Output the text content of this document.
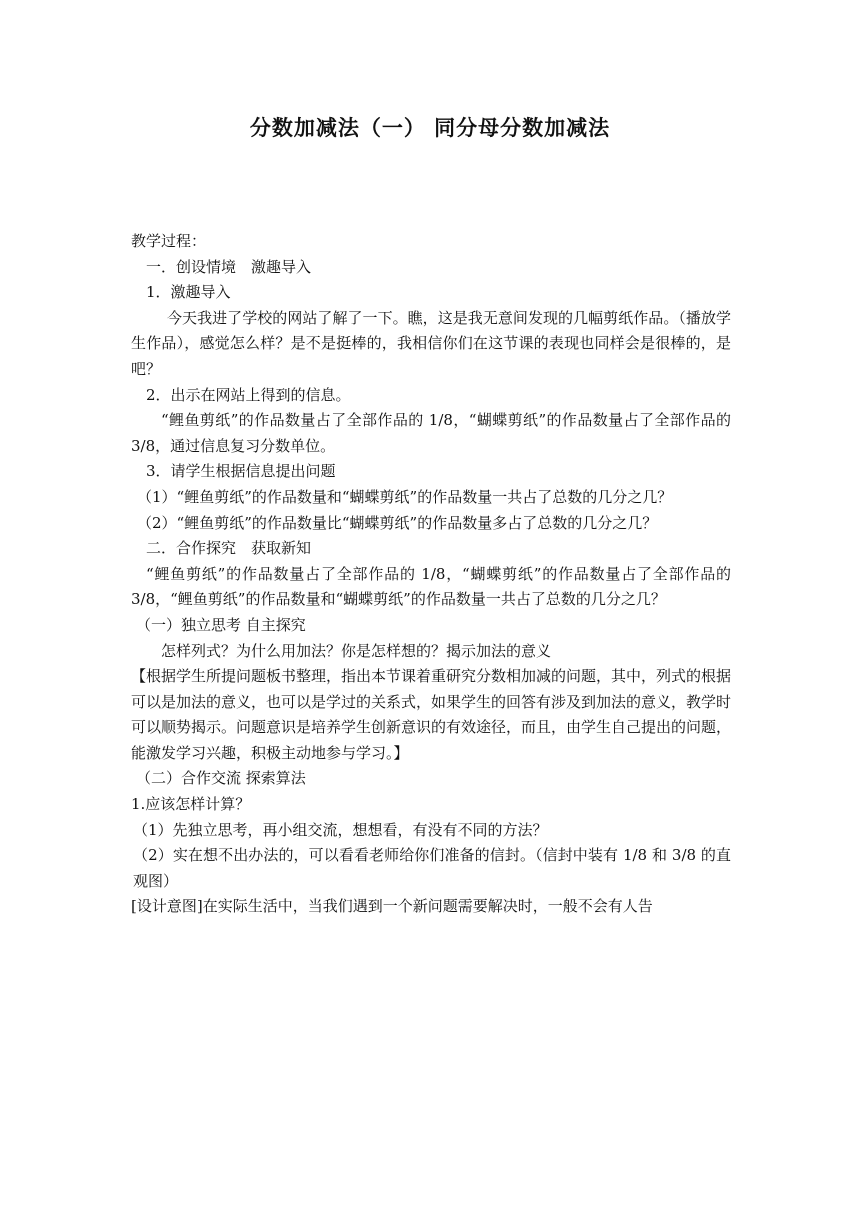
分数加减法（一） 同分母分数加减法

教学过程：

一．创设情境　激趣导入

1．激趣导入

今天我进了学校的网站了解了一下。瞧，这是我无意间发现的几幅剪纸作品。（播放学生作品），感觉怎么样？是不是挺棒的，我相信你们在这节课的表现也同样会是很棒的，是吧？

2．出示在网站上得到的信息。

“鲤鱼剪纸”的作品数量占了全部作品的 1/8，“蝴蝶剪纸”的作品数量占了全部作品的 3/8，通过信息复习分数单位。

3．请学生根据信息提出问题

（1）“鲤鱼剪纸”的作品数量和“蝴蝶剪纸”的作品数量一共占了总数的几分之几？

（2）“鲤鱼剪纸”的作品数量比“蝴蝶剪纸”的作品数量多占了总数的几分之几？

二．合作探究　获取新知

“鲤鱼剪纸”的作品数量占了全部作品的 1/8，“蝴蝶剪纸”的作品数量占了全部作品的 3/8，“鲤鱼剪纸”的作品数量和“蝴蝶剪纸”的作品数量一共占了总数的几分之几？

（一）独立思考 自主探究

怎样列式？为什么用加法？你是怎样想的？揭示加法的意义

【根据学生所提问题板书整理，指出本节课着重研究分数相加减的问题，其中，列式的根据可以是加法的意义，也可以是学过的关系式，如果学生的回答有涉及到加法的意义，教学时可以顺势揭示。问题意识是培养学生创新意识的有效途径，而且，由学生自己提出的问题，能激发学习兴趣，积极主动地参与学习。】

（二）合作交流 探索算法

1.应该怎样计算？

（1）先独立思考，再小组交流，想想看，有没有不同的方法？

（2）实在想不出办法的，可以看看老师给你们准备的信封。（信封中装有 1/8 和 3/8 的直观图）

[设计意图]在实际生活中，当我们遇到一个新问题需要解决时，一般不会有人告
